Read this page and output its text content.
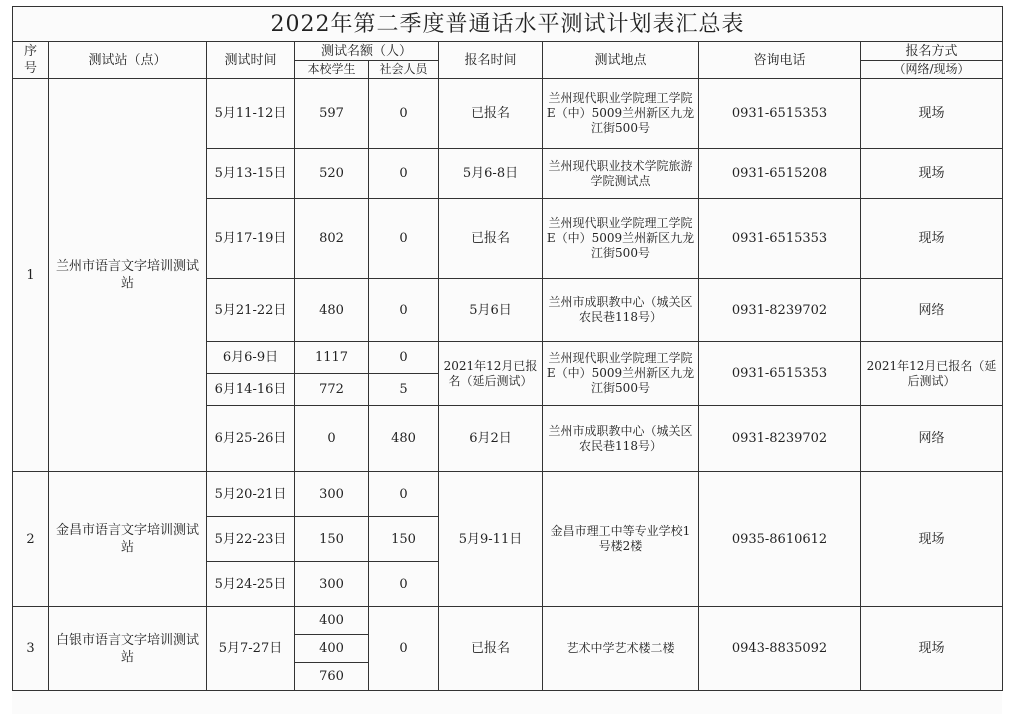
2022年第二季度普通话水平测试计划表汇总表								
序
号	测试站（点）	测试时间	测试名额（人）		报名时间	测试地点	咨询电话	报名方式
			本校学生	社会人员				（网络/现场）
1	兰州市语言文字培训测试站	5月11-12日	597	0	已报名	兰州现代职业学院理工学院E（中）5009兰州新区九龙江街500号	0931-6515353	现场
		5月13-15日	520	0	5月6-8日	兰州现代职业技术学院旅游学院测试点	0931-6515208	现场
		5月17-19日	802	0	已报名	兰州现代职业学院理工学院E（中）5009兰州新区九龙江街500号	0931-6515353	现场
		5月21-22日	480	0	5月6日	兰州市成职教中心（城关区农民巷118号）	0931-8239702	网络
		6月6-9日	1117	0	2021年12月已报名（延后测试）	兰州现代职业学院理工学院E（中）5009兰州新区九龙江街500号	0931-6515353	2021年12月已报名（延后测试）
		6月14-16日	772	5				
		6月25-26日	0	480	6月2日	兰州市成职教中心（城关区农民巷118号）	0931-8239702	网络
2	金昌市语言文字培训测试站	5月20-21日	300	0	5月9-11日	金昌市理工中等专业学校1号楼2楼	0935-8610612	现场
		5月22-23日	150	150				
		5月24-25日	300	0				
3	白银市语言文字培训测试站	5月7-27日	400	0	已报名	艺术中学艺术楼二楼	0943-8835092	现场
			400					
			760					
